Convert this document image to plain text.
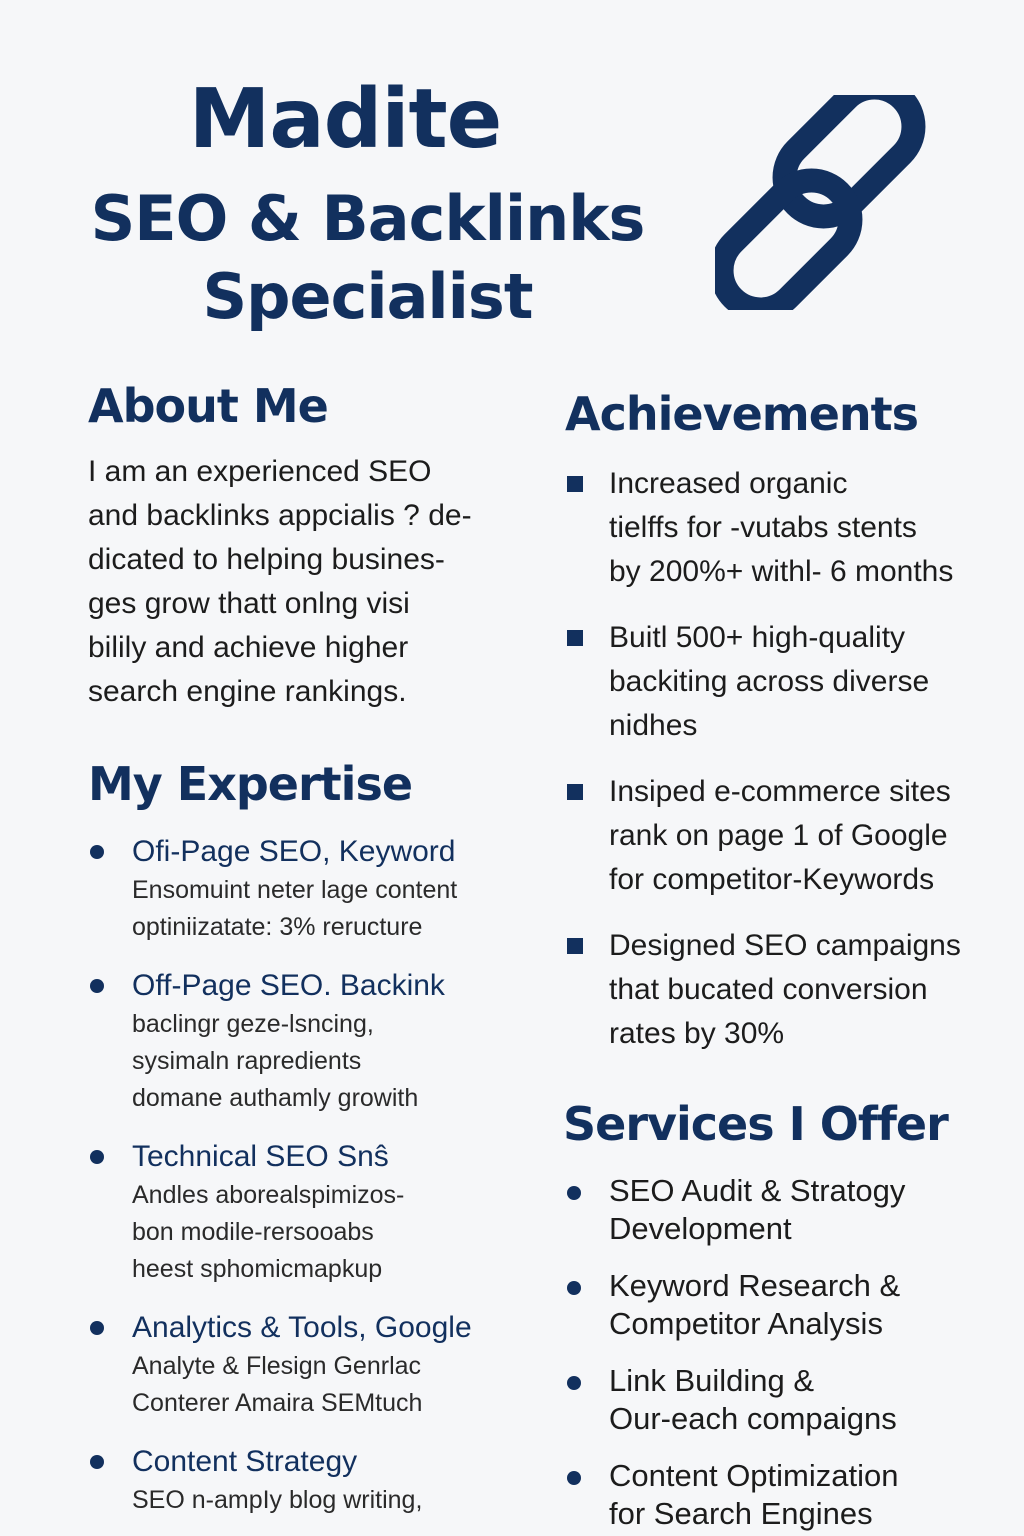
Madite
SEO & Backlinks
Specialist
About Me

I am an experienced SEO
and backlinks appcialis ? de-
dicated to helping busines-
ges grow thatt onlng visi
bilily and achieve higher
search engine rankings.

My Expertise
Ofi-Page SEO, Keyword
Ensomuint neter lage content
optiniizatate: 3% reructure
Off-Page SEO. Backink
baclingr geze-lsncing,
sysimaln rapredients
domane authamly growith
Technical SEO Snŝ
Andles aborealspimizos-
bon modile-rersooabs
heest sphomicmapkup
Analytics & Tools, Google
Analyte & Flesign Genrlac
Conterer Amaira SEMtuch
Content Strategy
SEO n-ampIy blog writing,
Achievements
Increased organic
tielffs for -vutabs stents
by 200%+ withl- 6 months
Buitl 500+ high-quality
backiting across diverse
nidhes
Insiped e-commerce sites
rank on page 1 of Google
for competitor-Keywords
Designed SEO campaigns
that bucated conversion
rates by 30%
Services I Offer
SEO Audit & Stratogy
Development
Keyword Research &
Competitor Analysis
Link Building &
Our-each compaigns
Content Optimization
for Search Engines
